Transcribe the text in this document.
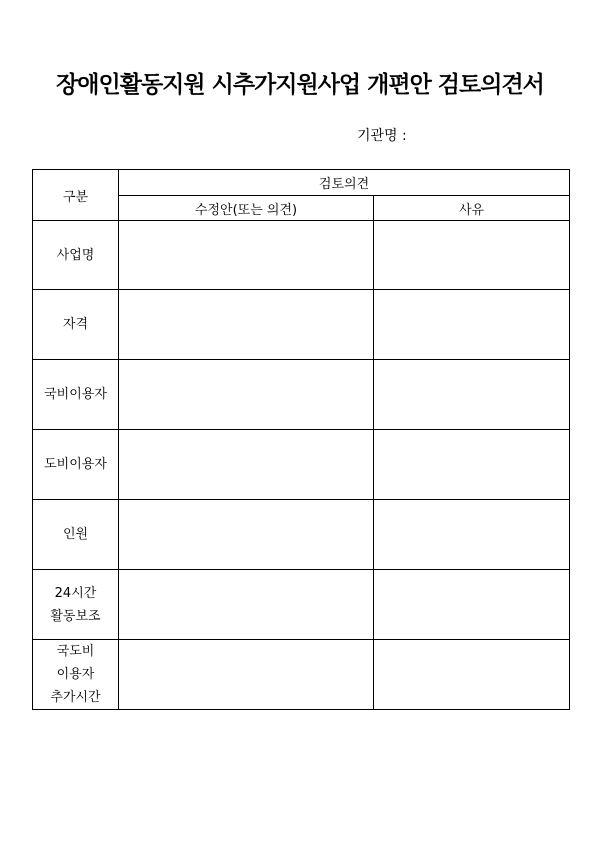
장애인활동지원 시추가지원사업 개편안 검토의견서
기관명 :
구분	검토의견	
	수정안(또는 의견)	사유

사업명		

자격		

국비이용자		

도비이용자		

인원		

24시간
활동보조		

국도비
이용자
추가시간		
